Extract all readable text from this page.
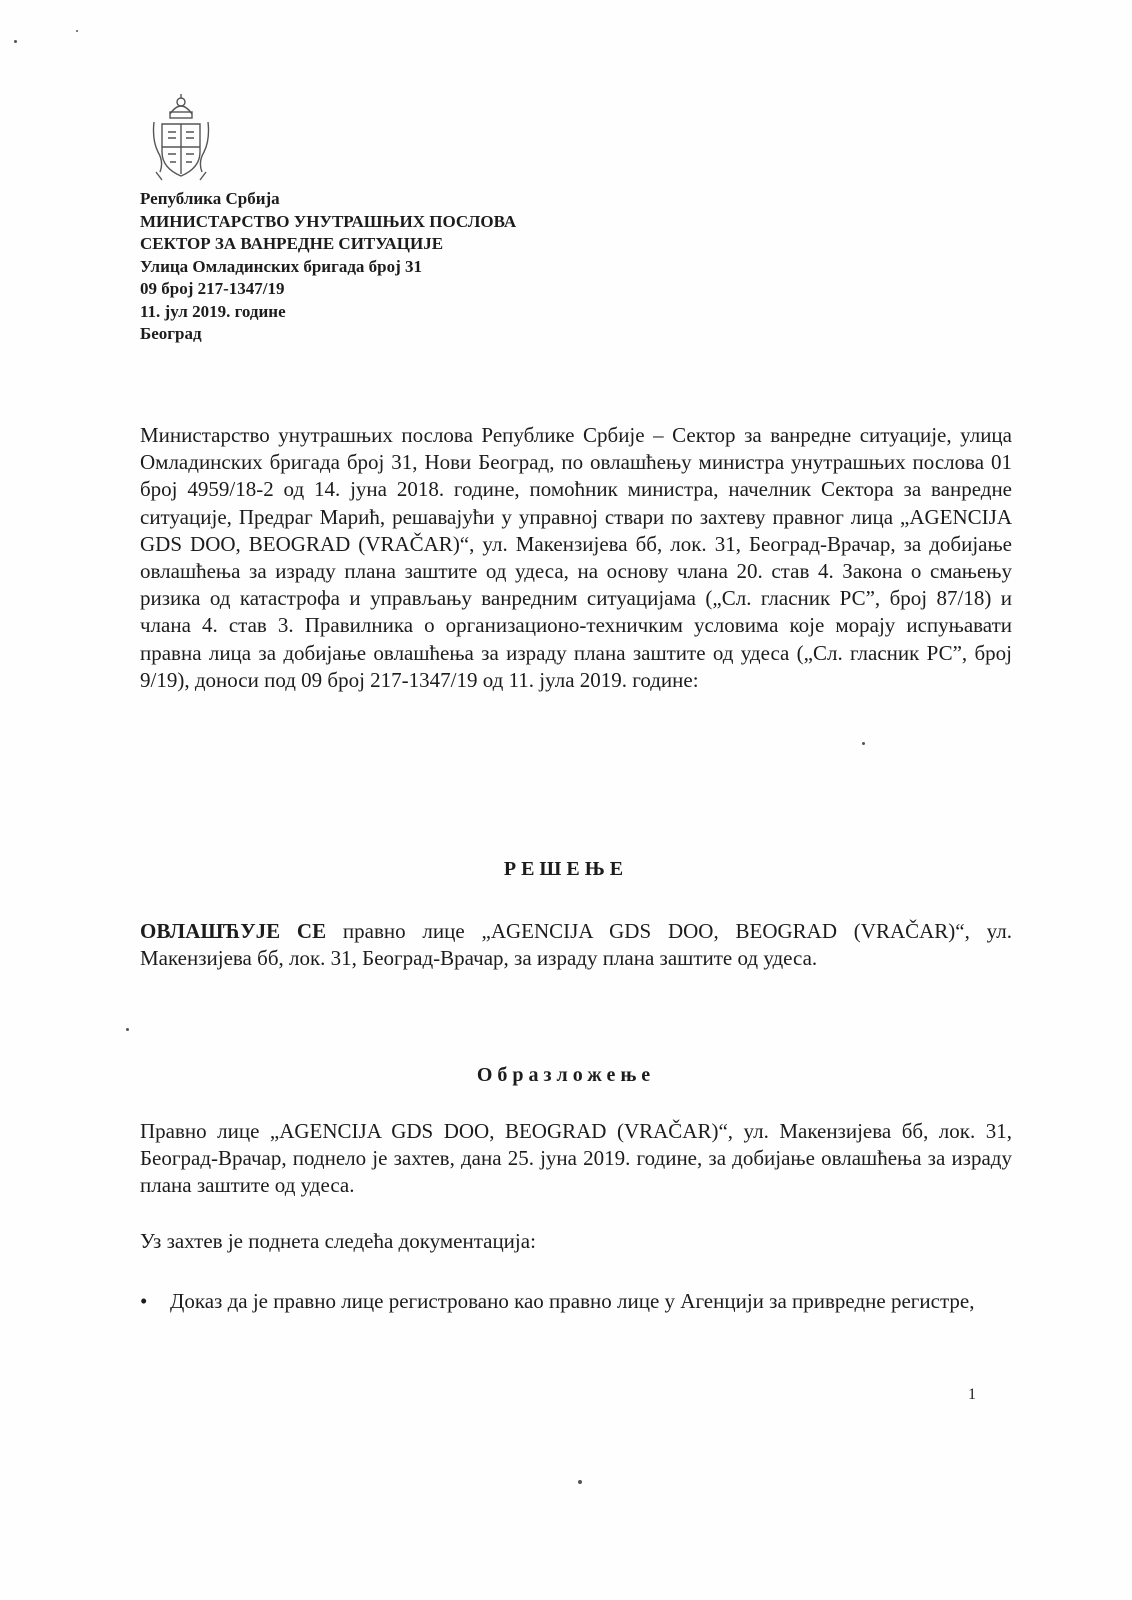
Република Србија
МИНИСТАРСТВО УНУТРАШЊИХ ПОСЛОВА
СЕКТОР ЗА ВАНРЕДНЕ СИТУАЦИЈЕ
Улица Омладинских бригада број 31
09 број 217-1347/19
11. јул 2019. године
Београд
Министарство унутрашњих послова Републике Србије – Сектор за ванредне ситуације, улица Омладинских бригада број 31, Нови Београд, по овлашћењу министра унутрашњих послова 01 број 4959/18-2 од 14. јуна 2018. године, помоћник министра, начелник Сектора за ванредне ситуације, Предраг Марић, решавајући у управној ствари по захтеву правног лица „AGENCIJA GDS DOO, BEOGRAD (VRAČAR)“, ул. Макензијева бб, лок. 31, Београд-Врачар, за добијање овлашћења за израду плана заштите од удеса, на основу члана 20. став 4. Закона о смањењу ризика од катастрофа и управљању ванредним ситуацијама („Сл. гласник РС”, број 87/18) и члана 4. став 3. Правилника о организационо-техничким условима које морају испуњавати правна лица за добијање овлашћења за израду плана заштите од удеса („Сл. гласник РС”, број 9/19), доноси под 09 број 217-1347/19 од 11. јула 2019. године:
РЕШЕЊЕ
ОВЛАШЋУЈЕ СЕ правно лице „AGENCIJA GDS DOO, BEOGRAD (VRAČAR)“, ул. Макензијева бб, лок. 31, Београд-Врачар, за израду плана заштите од удеса.
Образложење
Правно лице „AGENCIJA GDS DOO, BEOGRAD (VRAČAR)“, ул. Макензијева бб, лок. 31, Београд-Врачар, поднело је захтев, дана 25. јуна 2019. године, за добијање овлашћења за израду плана заштите од удеса.
Уз захтев је поднета следећа документација:
•	Доказ да је правно лице регистровано као правно лице у Агенцији за привредне регистре,
1
